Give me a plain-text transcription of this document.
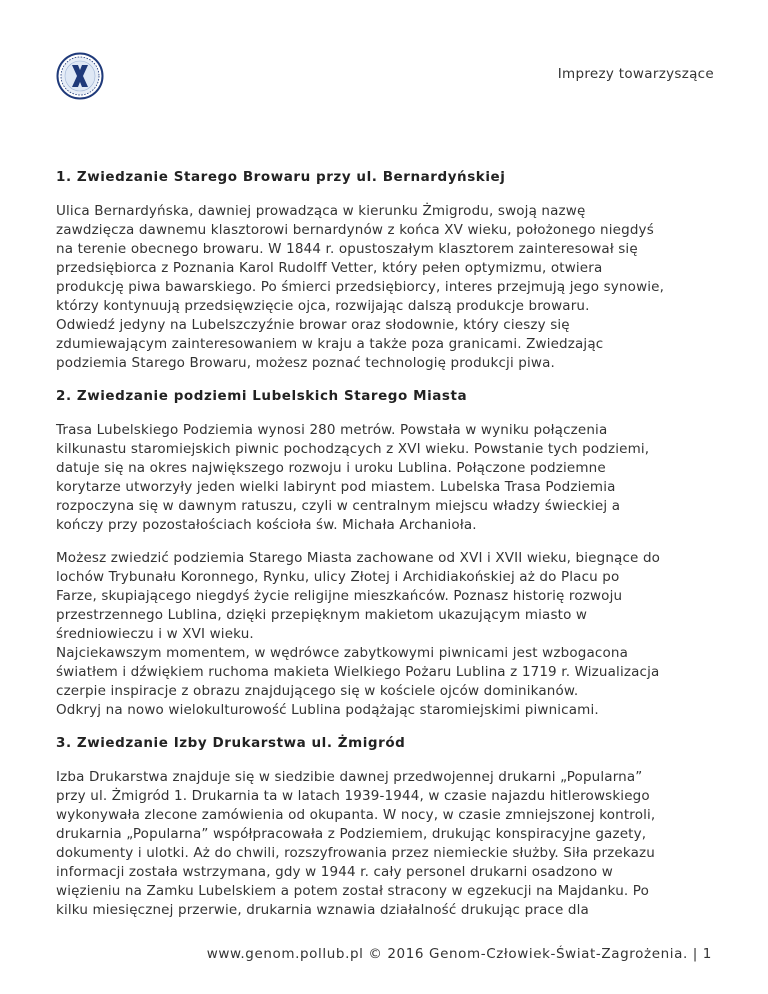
Imprezy towarzyszące
1. Zwiedzanie Starego Browaru przy ul. Bernardyńskiej

Ulica Bernardyńska, dawniej prowadząca w kierunku Żmigrodu, swoją nazwę

zawdzięcza dawnemu klasztorowi bernardynów z końca XV wieku, położonego niegdyś

na terenie obecnego browaru. W 1844 r. opustoszałym klasztorem zainteresował się

przedsiębiorca z Poznania Karol Rudolff Vetter, który pełen optymizmu, otwiera

produkcję piwa bawarskiego. Po śmierci przedsiębiorcy, interes przejmują jego synowie,

którzy kontynuują przedsięwzięcie ojca, rozwijając dalszą produkcje browaru.

Odwiedź jedyny na Lubelszczyźnie browar oraz słodownie, który cieszy się

zdumiewającym zainteresowaniem w kraju a także poza granicami. Zwiedzając

podziemia Starego Browaru, możesz poznać technologię produkcji piwa.

2. Zwiedzanie podziemi Lubelskich Starego Miasta

Trasa Lubelskiego Podziemia wynosi 280 metrów. Powstała w wyniku połączenia

kilkunastu staromiejskich piwnic pochodzących z XVI wieku. Powstanie tych podziemi,

datuje się na okres największego rozwoju i uroku Lublina. Połączone podziemne

korytarze utworzyły jeden wielki labirynt pod miastem. Lubelska Trasa Podziemia

rozpoczyna się w dawnym ratuszu, czyli w centralnym miejscu władzy świeckiej a

kończy przy pozostałościach kościoła św. Michała Archanioła.

Możesz zwiedzić podziemia Starego Miasta zachowane od XVI i XVII wieku, biegnące do

lochów Trybunału Koronnego, Rynku, ulicy Złotej i Archidiakońskiej aż do Placu po

Farze, skupiającego niegdyś życie religijne mieszkańców. Poznasz historię rozwoju

przestrzennego Lublina, dzięki przepięknym makietom ukazującym miasto w

średniowieczu i w XVI wieku.

Najciekawszym momentem, w wędrówce zabytkowymi piwnicami jest wzbogacona

światłem i dźwiękiem ruchoma makieta Wielkiego Pożaru Lublina z 1719 r. Wizualizacja

czerpie inspiracje z obrazu znajdującego się w kościele ojców dominikanów.

Odkryj na nowo wielokulturowość Lublina podążając staromiejskimi piwnicami.

3. Zwiedzanie Izby Drukarstwa ul. Żmigród

Izba Drukarstwa znajduje się w siedzibie dawnej przedwojennej drukarni „Popularna”

przy ul. Żmigród 1. Drukarnia ta w latach 1939-1944, w czasie najazdu hitlerowskiego

wykonywała zlecone zamówienia od okupanta. W nocy, w czasie zmniejszonej kontroli,

drukarnia „Popularna” współpracowała z Podziemiem, drukując konspiracyjne gazety,

dokumenty i ulotki. Aż do chwili, rozszyfrowania przez niemieckie służby. Siła przekazu

informacji została wstrzymana, gdy w 1944 r. cały personel drukarni osadzono w

więzieniu na Zamku Lubelskiem a potem został stracony w egzekucji na Majdanku. Po

kilku miesięcznej przerwie, drukarnia wznawia działalność drukując prace dla

www.genom.pollub.pl © 2016 Genom-Człowiek-Świat-Zagrożenia. | 1
